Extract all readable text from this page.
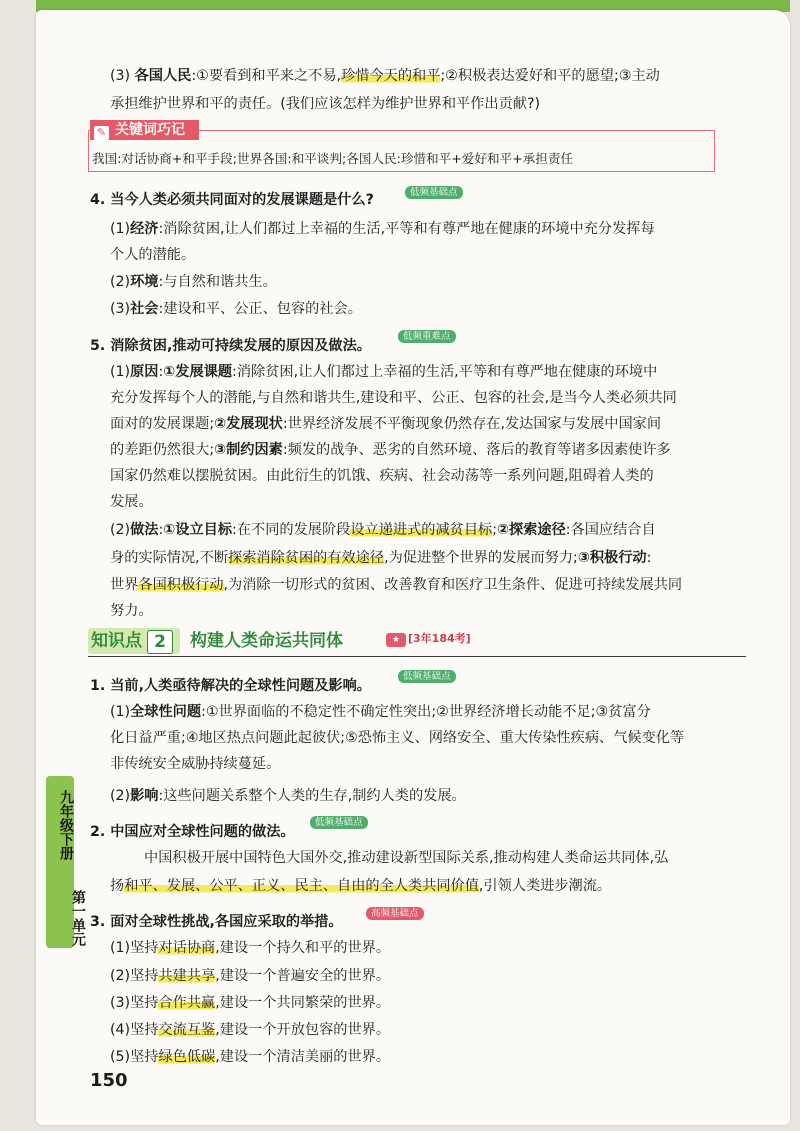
(3) 各国人民:①要看到和平来之不易,珍惜今天的和平;②积极表达爱好和平的愿望;③主动
承担维护世界和平的责任。(我们应该怎样为维护世界和平作出贡献?)
✎ 关键词巧记
我国:对话协商+和平手段;世界各国:和平谈判;各国人民:珍惜和平+爱好和平+承担责任
4. 当今人类必须共同面对的发展课题是什么?	低频基础点
(1)经济:消除贫困,让人们都过上幸福的生活,平等和有尊严地在健康的环境中充分发挥每
个人的潜能。
(2)环境:与自然和谐共生。
(3)社会:建设和平、公正、包容的社会。
5. 消除贫困,推动可持续发展的原因及做法。
低频重难点
(1)原因:①发展课题:消除贫困,让人们都过上幸福的生活,平等和有尊严地在健康的环境中
充分发挥每个人的潜能,与自然和谐共生,建设和平、公正、包容的社会,是当今人类必须共同
面对的发展课题;②发展现状:世界经济发展不平衡现象仍然存在,发达国家与发展中国家间
的差距仍然很大;③制约因素:频发的战争、恶劣的自然环境、落后的教育等诸多因素使许多
国家仍然难以摆脱贫困。由此衍生的饥饿、疾病、社会动荡等一系列问题,阻碍着人类的
发展。
(2)做法:①设立目标:在不同的发展阶段设立递进式的减贫目标;②探索途径:各国应结合自
身的实际情况,不断探索消除贫困的有效途径,为促进整个世界的发展而努力;③积极行动:
世界各国积极行动,为消除一切形式的贫困、改善教育和医疗卫生条件、促进可持续发展共同
努力。
知识点 2	构建人类命运共同体	★ [3年184考]
1. 当前,人类亟待解决的全球性问题及影响。
低频基础点
(1)全球性问题:①世界面临的不稳定性不确定性突出;②世界经济增长动能不足;③贫富分
化日益严重;④地区热点问题此起彼伏;⑤恐怖主义、网络安全、重大传染性疾病、气候变化等
非传统安全威胁持续蔓延。
(2)影响:这些问题关系整个人类的生存,制约人类的发展。
2. 中国应对全球性问题的做法。
低频基础点
中国积极开展中国特色大国外交,推动建设新型国际关系,推动构建人类命运共同体,弘
扬和平、发展、公平、正义、民主、自由的全人类共同价值,引领人类进步潮流。
3. 面对全球性挑战,各国应采取的举措。
高频基础点
(1)坚持对话协商,建设一个持久和平的世界。
(2)坚持共建共享,建设一个普遍安全的世界。
(3)坚持合作共赢,建设一个共同繁荣的世界。
(4)坚持交流互鉴,建设一个开放包容的世界。
(5)坚持绿色低碳,建设一个清洁美丽的世界。
九年级下册
第一单元
150
